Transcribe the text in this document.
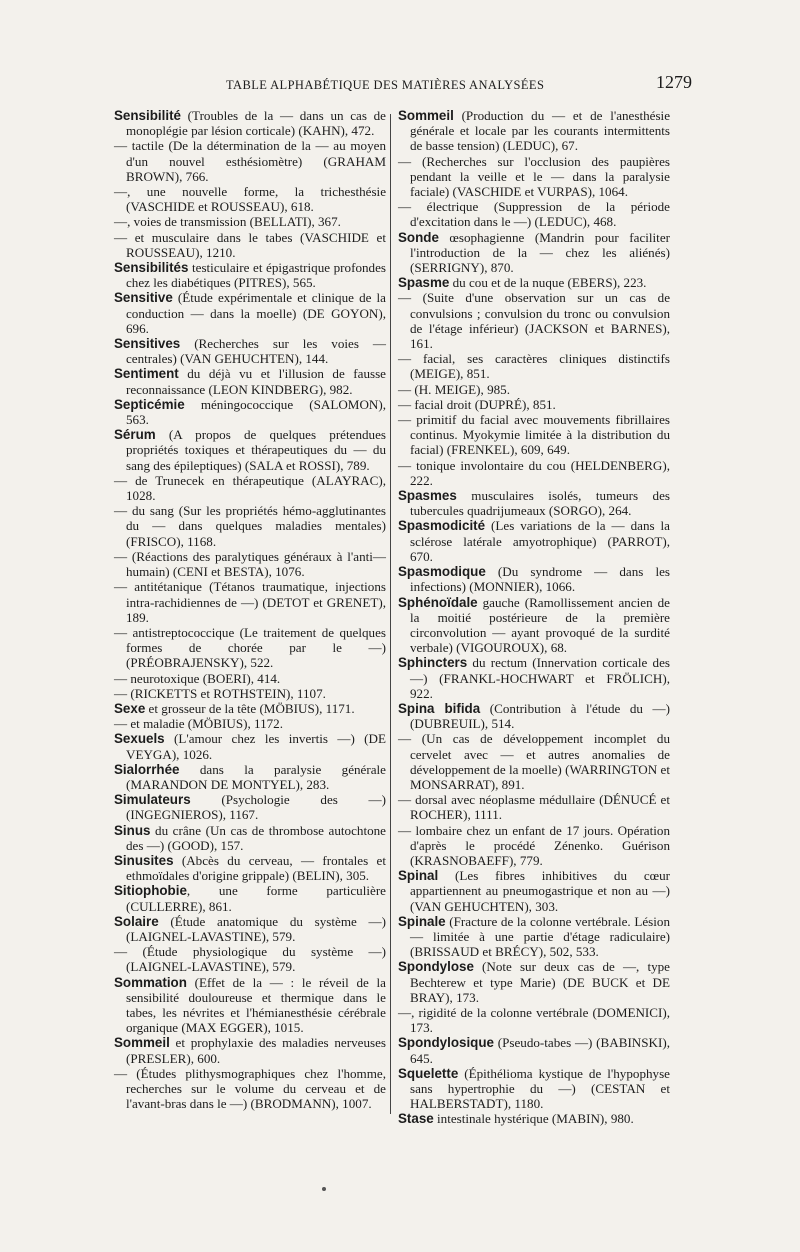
TABLE ALPHABÉTIQUE DES MATIÈRES ANALYSÉES	1279

Sensibilité (Troubles de la — dans un cas de monoplégie par lésion corticale) (KAHN), 472.

— tactile (De la détermination de la — au moyen d'un nouvel esthésiomètre) (GRAHAM BROWN), 766.

—, une nouvelle forme, la trichesthésie (VASCHIDE et ROUSSEAU), 618.

—, voies de transmission (BELLATI), 367.

— et musculaire dans le tabes (VASCHIDE et ROUSSEAU), 1210.

Sensibilités testiculaire et épigastrique profondes chez les diabétiques (PITRES), 565.

Sensitive (Étude expérimentale et clinique de la conduction — dans la moelle) (DE GOYON), 696.

Sensitives (Recherches sur les voies — centrales) (VAN GEHUCHTEN), 144.

Sentiment du déjà vu et l'illusion de fausse reconnaissance (LEON KINDBERG), 982.

Septicémie méningococcique (SALOMON), 563.

Sérum (A propos de quelques prétendues propriétés toxiques et thérapeutiques du — du sang des épileptiques) (SALA et ROSSI), 789.

— de Trunecek en thérapeutique (ALAYRAC), 1028.

— du sang (Sur les propriétés hémo-agglutinantes du — dans quelques maladies mentales) (FRISCO), 1168.

— (Réactions des paralytiques généraux à l'anti— humain) (CENI et BESTA), 1076.

— antitétanique (Tétanos traumatique, injections intra-rachidiennes de —) (DETOT et GRENET), 189.

— antistreptococcique (Le traitement de quelques formes de chorée par le —) (PRÉOBRAJENSKY), 522.

— neurotoxique (BOERI), 414.

— (RICKETTS et ROTHSTEIN), 1107.

Sexe et grosseur de la tête (MÖBIUS), 1171.

— et maladie (MÖBIUS), 1172.

Sexuels (L'amour chez les invertis —) (DE VEYGA), 1026.

Sialorrhée dans la paralysie générale (MARANDON DE MONTYEL), 283.

Simulateurs (Psychologie des —) (INGEGNIEROS), 1167.

Sinus du crâne (Un cas de thrombose autochtone des —) (GOOD), 157.

Sinusites (Abcès du cerveau, — frontales et ethmoïdales d'origine grippale) (BELIN), 305.

Sitiophobie, une forme particulière (CULLERRE), 861.

Solaire (Étude anatomique du système —) (LAIGNEL-LAVASTINE), 579.

— (Étude physiologique du système —) (LAIGNEL-LAVASTINE), 579.

Sommation (Effet de la — : le réveil de la sensibilité douloureuse et thermique dans le tabes, les névrites et l'hémianesthésie cérébrale organique (MAX EGGER), 1015.

Sommeil et prophylaxie des maladies nerveuses (PRESLER), 600.

— (Études plithysmographiques chez l'homme, recherches sur le volume du cerveau et de l'avant-bras dans le —) (BRODMANN), 1007.

Sommeil (Production du — et de l'anesthésie générale et locale par les courants intermittents de basse tension) (LEDUC), 67.

— (Recherches sur l'occlusion des paupières pendant la veille et le — dans la paralysie faciale) (VASCHIDE et VURPAS), 1064.

— électrique (Suppression de la période d'excitation dans le —) (LEDUC), 468.

Sonde œsophagienne (Mandrin pour faciliter l'introduction de la — chez les aliénés) (SERRIGNY), 870.

Spasme du cou et de la nuque (EBERS), 223.

— (Suite d'une observation sur un cas de convulsions ; convulsion du tronc ou convulsion de l'étage inférieur) (JACKSON et BARNES), 161.

— facial, ses caractères cliniques distinctifs (MEIGE), 851.

— (H. MEIGE), 985.

— facial droit (DUPRÉ), 851.

— primitif du facial avec mouvements fibrillaires continus. Myokymie limitée à la distribution du facial) (FRENKEL), 609, 649.

— tonique involontaire du cou (HELDENBERG), 222.

Spasmes musculaires isolés, tumeurs des tubercules quadrijumeaux (SORGO), 264.

Spasmodicité (Les variations de la — dans la sclérose latérale amyotrophique) (PARROT), 670.

Spasmodique (Du syndrome — dans les infections) (MONNIER), 1066.

Sphénoïdale gauche (Ramollissement ancien de la moitié postérieure de la première circonvolution — ayant provoqué de la surdité verbale) (VIGOUROUX), 68.

Sphincters du rectum (Innervation corticale des —) (FRANKL-HOCHWART et FRÖLICH), 922.

Spina bifida (Contribution à l'étude du —) (DUBREUIL), 514.

— (Un cas de développement incomplet du cervelet avec — et autres anomalies de développement de la moelle) (WARRINGTON et MONSARRAT), 891.

— dorsal avec néoplasme médullaire (DÉNUCÉ et ROCHER), 1111.

— lombaire chez un enfant de 17 jours. Opération d'après le procédé Zénenko. Guérison (KRASNOBAEFF), 779.

Spinal (Les fibres inhibitives du cœur appartiennent au pneumogastrique et non au —) (VAN GEHUCHTEN), 303.

Spinale (Fracture de la colonne vertébrale. Lésion — limitée à une partie d'étage radiculaire) (BRISSAUD et BRÉCY), 502, 533.

Spondylose (Note sur deux cas de —, type Bechterew et type Marie) (DE BUCK et DE BRAY), 173.

—, rigidité de la colonne vertébrale (DOMENICI), 173.

Spondylosique (Pseudo-tabes —) (BABINSKI), 645.

Squelette (Épithélioma kystique de l'hypophyse sans hypertrophie du —) (CESTAN et HALBERSTADT), 1180.

Stase intestinale hystérique (MABIN), 980.
